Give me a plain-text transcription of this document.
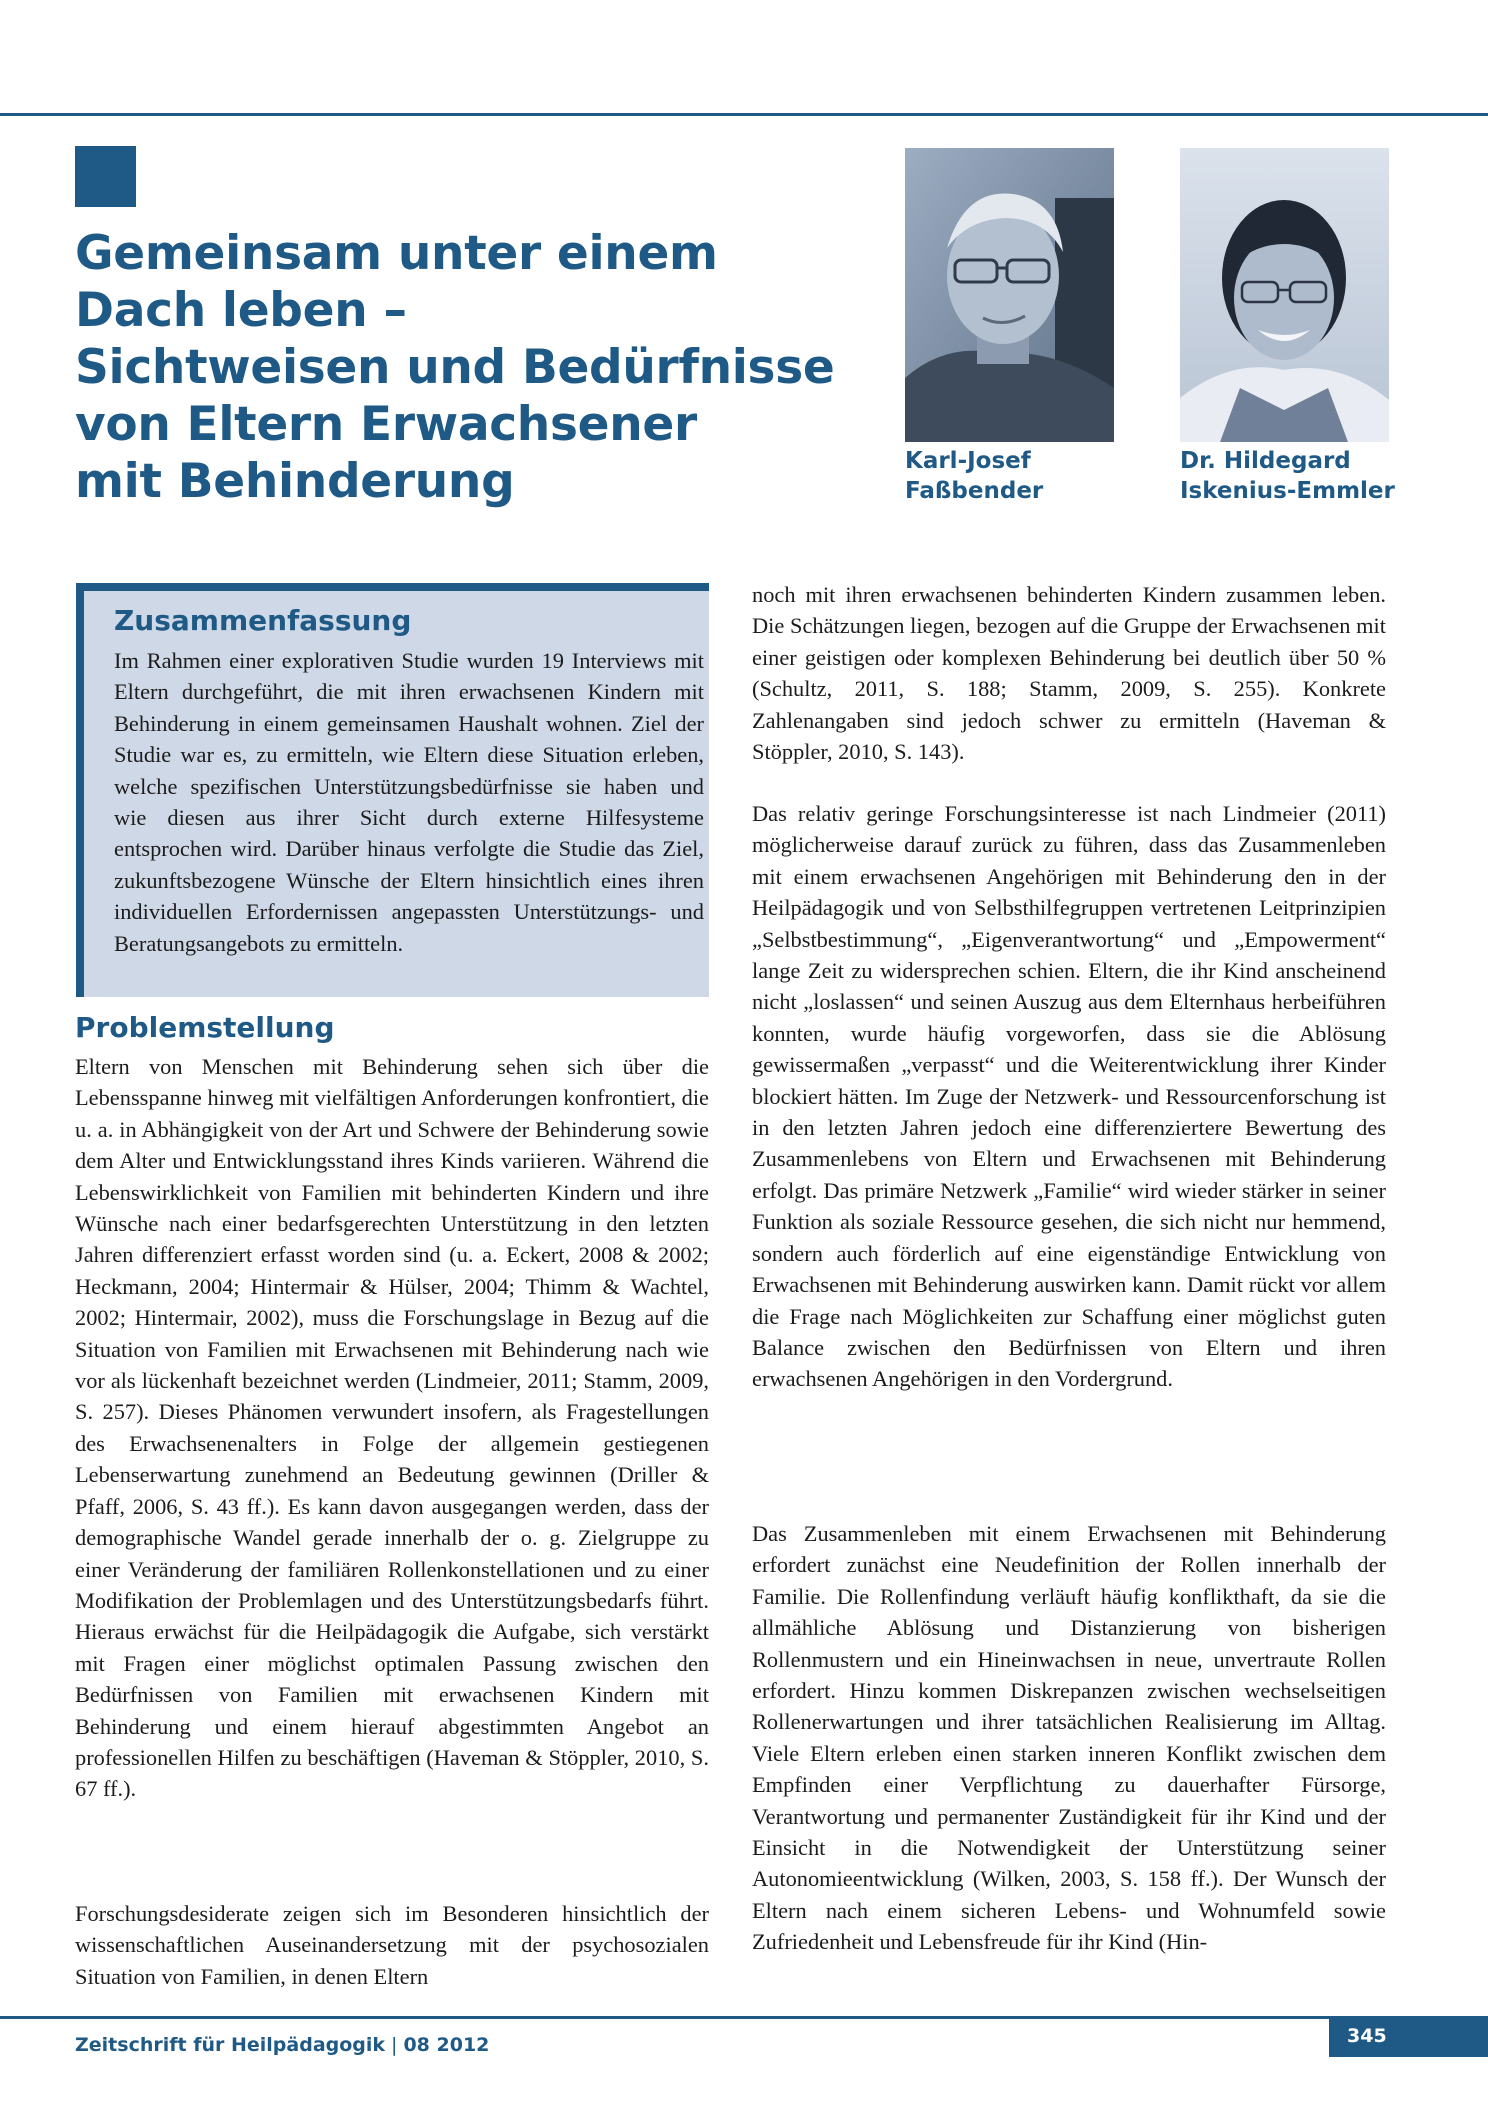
Gemeinsam unter einem
Dach leben –
Sichtweisen und Bedürfnisse
von Eltern Erwachsener
mit Behinderung	Karl-Josef
Faßbender
Dr. Hildegard
Iskenius-Emmler
Zusammenfassung

Im Rahmen einer explorativen Studie wurden 19 Interviews mit Eltern durchgeführt, die mit ihren erwachsenen Kindern mit Behinderung in einem gemeinsamen Haushalt wohnen. Ziel der Studie war es, zu ermitteln, wie Eltern diese Situation erleben, welche spezifischen Unterstützungsbedürfnisse sie haben und wie diesen aus ihrer Sicht durch externe Hilfesysteme entsprochen wird. Darüber hinaus verfolgte die Studie das Ziel, zukunftsbezogene Wünsche der Eltern hinsichtlich eines ihren individuellen Erfordernissen angepassten Unterstützungs- und Beratungsangebots zu ermitteln.

Problemstellung

Eltern von Menschen mit Behinderung sehen sich über die Lebensspanne hinweg mit vielfältigen Anforderungen konfrontiert, die u. a. in Abhängigkeit von der Art und Schwere der Behinderung sowie dem Alter und Entwicklungsstand ihres Kinds variieren. Während die Lebenswirklichkeit von Familien mit behinderten Kindern und ihre Wünsche nach einer bedarfsgerechten Unterstützung in den letzten Jahren differenziert erfasst worden sind (u. a. Eckert, 2008 & 2002; Heckmann, 2004; Hintermair & Hülser, 2004; Thimm & Wachtel, 2002; Hintermair, 2002), muss die Forschungslage in Bezug auf die Situation von Familien mit Erwachsenen mit Behinderung nach wie vor als lückenhaft bezeichnet werden (Lindmeier, 2011; Stamm, 2009, S. 257). Dieses Phänomen verwundert insofern, als Fragestellungen des Erwachsenenalters in Folge der allgemein gestiegenen Lebenserwartung zunehmend an Bedeutung gewinnen (Driller & Pfaff, 2006, S. 43 ff.). Es kann davon ausgegangen werden, dass der demographische Wandel gerade innerhalb der o. g. Zielgruppe zu einer Veränderung der familiären Rollenkonstellationen und zu einer Modifikation der Problemlagen und des Unterstützungsbedarfs führt. Hieraus erwächst für die Heilpädagogik die Aufgabe, sich verstärkt mit Fragen einer möglichst optimalen Passung zwischen den Bedürfnissen von Familien mit erwachsenen Kindern mit Behinderung und einem hierauf abgestimmten Angebot an professionellen Hilfen zu beschäftigen (Haveman & Stöppler, 2010, S. 67 ff.).

Forschungsdesiderate zeigen sich im Besonderen hinsichtlich der wissenschaftlichen Auseinandersetzung mit der psychosozialen Situation von Familien, in denen Eltern

noch mit ihren erwachsenen behinderten Kindern zusammen leben. Die Schätzungen liegen, bezogen auf die Gruppe der Erwachsenen mit einer geistigen oder komplexen Behinderung bei deutlich über 50 % (Schultz, 2011, S. 188; Stamm, 2009, S. 255). Konkrete Zahlenangaben sind jedoch schwer zu ermitteln (Haveman & Stöppler, 2010, S. 143).

Das relativ geringe Forschungsinteresse ist nach Lindmeier (2011) möglicherweise darauf zurück zu führen, dass das Zusammenleben mit einem erwachsenen Angehörigen mit Behinderung den in der Heilpädagogik und von Selbsthilfegruppen vertretenen Leitprinzipien „Selbstbestimmung“, „Eigenverantwortung“ und „Empowerment“ lange Zeit zu widersprechen schien. Eltern, die ihr Kind anscheinend nicht „loslassen“ und seinen Auszug aus dem Elternhaus herbeiführen konnten, wurde häufig vorgeworfen, dass sie die Ablösung gewissermaßen „verpasst“ und die Weiterentwicklung ihrer Kinder blockiert hätten. Im Zuge der Netzwerk- und Ressourcenforschung ist in den letzten Jahren jedoch eine differenziertere Bewertung des Zusammenlebens von Eltern und Erwachsenen mit Behinderung erfolgt. Das primäre Netzwerk „Familie“ wird wieder stärker in seiner Funktion als soziale Ressource gesehen, die sich nicht nur hemmend, sondern auch förderlich auf eine eigenständige Entwicklung von Erwachsenen mit Behinderung auswirken kann. Damit rückt vor allem die Frage nach Möglichkeiten zur Schaffung einer möglichst guten Balance zwischen den Bedürfnissen von Eltern und ihren erwachsenen Angehörigen in den Vordergrund.

Das Zusammenleben mit einem Erwachsenen mit Behinderung erfordert zunächst eine Neudefinition der Rollen innerhalb der Familie. Die Rollenfindung verläuft häufig konflikthaft, da sie die allmähliche Ablösung und Distanzierung von bisherigen Rollenmustern und ein Hineinwachsen in neue, unvertraute Rollen erfordert. Hinzu kommen Diskrepanzen zwischen wechselseitigen Rollenerwartungen und ihrer tatsächlichen Realisierung im Alltag. Viele Eltern erleben einen starken inneren Konflikt zwischen dem Empfinden einer Verpflichtung zu dauerhafter Fürsorge, Verantwortung und permanenter Zuständigkeit für ihr Kind und der Einsicht in die Notwendigkeit der Unterstützung seiner Autonomieentwicklung (Wilken, 2003, S. 158 ff.). Der Wunsch der Eltern nach einem sicheren Lebens- und Wohnumfeld sowie Zufriedenheit und Lebensfreude für ihr Kind (Hin-

Zeitschrift für Heilpädagogik | 08 2012	345
